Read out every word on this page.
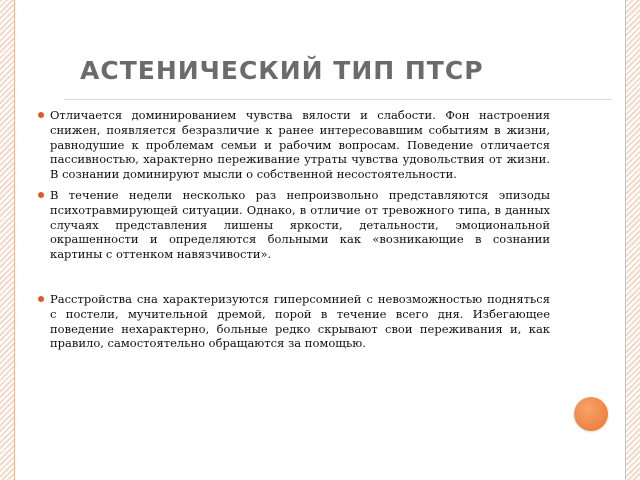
АСТЕНИЧЕСКИЙ ТИП ПТСР

Отличается доминированием чувства вялости и слабости. Фон настроения снижен, появляется безразличие к ранее интересовавшим событиям в жизни, равнодушие к проблемам семьи и рабочим вопросам. Поведение отличается пассивностью, характерно переживание утраты чувства удовольствия от жизни. В сознании доминируют мысли о собственной несостоятельности.

В течение недели несколько раз непроизвольно представляются эпизоды психотравмирующей ситуации. Однако, в отличие от тревожного типа, в данных случаях представления лишены яркости, детальности, эмоциональной окрашенности и определяются больными как «возникающие в сознании картины с оттенком навязчивости».

Расстройства сна характеризуются гиперсомнией с невозможностью подняться с постели, мучительной дремой, порой в течение всего дня. Избегающее поведение нехарактерно, больные редко скрывают свои переживания и, как правило, самостоятельно обращаются за помощью.
